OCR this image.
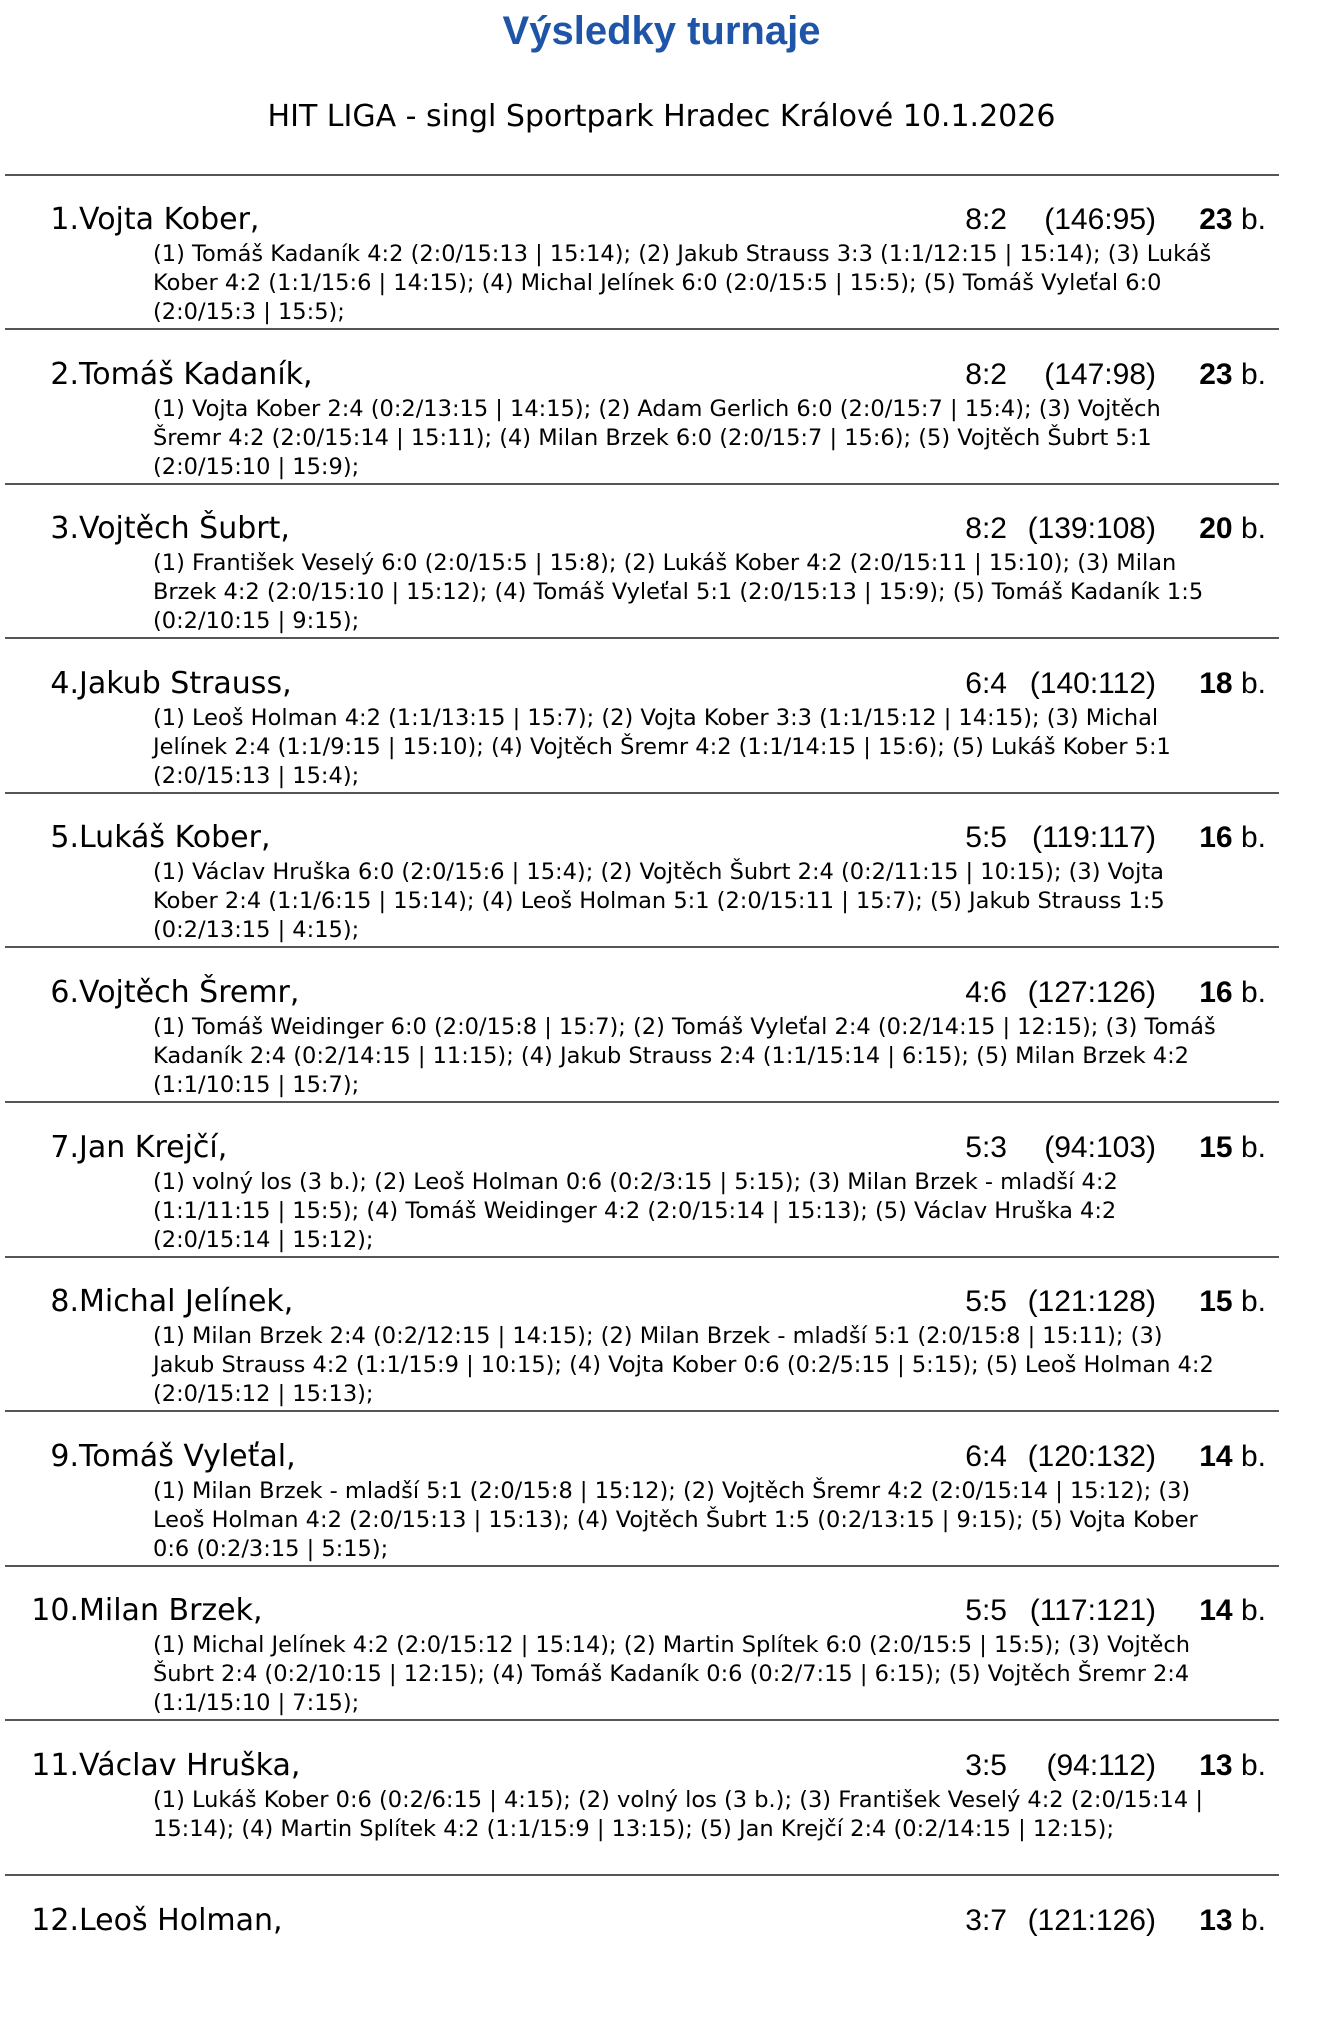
Výsledky turnaje
HIT LIGA - singl Sportpark Hradec Králové 10.1.2026
1. Vojta Kober,	8:2 (146:95) 23 b.
(1) Tomáš Kadaník 4:2 (2:0/15:13 | 15:14); (2) Jakub Strauss 3:3 (1:1/12:15 | 15:14); (3) Lukáš
Kober 4:2 (1:1/15:6 | 14:15); (4) Michal Jelínek 6:0 (2:0/15:5 | 15:5); (5) Tomáš Vyleťal 6:0
(2:0/15:3 | 15:5);
2. Tomáš Kadaník,	8:2 (147:98) 23 b.
(1) Vojta Kober 2:4 (0:2/13:15 | 14:15); (2) Adam Gerlich 6:0 (2:0/15:7 | 15:4); (3) Vojtěch
Šremr 4:2 (2:0/15:14 | 15:11); (4) Milan Brzek 6:0 (2:0/15:7 | 15:6); (5) Vojtěch Šubrt 5:1
(2:0/15:10 | 15:9);
3. Vojtěch Šubrt,	8:2 (139:108) 20 b.
(1) František Veselý 6:0 (2:0/15:5 | 15:8); (2) Lukáš Kober 4:2 (2:0/15:11 | 15:10); (3) Milan
Brzek 4:2 (2:0/15:10 | 15:12); (4) Tomáš Vyleťal 5:1 (2:0/15:13 | 15:9); (5) Tomáš Kadaník 1:5
(0:2/10:15 | 9:15);
4. Jakub Strauss,	6:4 (140:112) 18 b.
(1) Leoš Holman 4:2 (1:1/13:15 | 15:7); (2) Vojta Kober 3:3 (1:1/15:12 | 14:15); (3) Michal
Jelínek 2:4 (1:1/9:15 | 15:10); (4) Vojtěch Šremr 4:2 (1:1/14:15 | 15:6); (5) Lukáš Kober 5:1
(2:0/15:13 | 15:4);
5. Lukáš Kober,	5:5 (119:117) 16 b.
(1) Václav Hruška 6:0 (2:0/15:6 | 15:4); (2) Vojtěch Šubrt 2:4 (0:2/11:15 | 10:15); (3) Vojta
Kober 2:4 (1:1/6:15 | 15:14); (4) Leoš Holman 5:1 (2:0/15:11 | 15:7); (5) Jakub Strauss 1:5
(0:2/13:15 | 4:15);
6. Vojtěch Šremr,	4:6 (127:126) 16 b.
(1) Tomáš Weidinger 6:0 (2:0/15:8 | 15:7); (2) Tomáš Vyleťal 2:4 (0:2/14:15 | 12:15); (3) Tomáš
Kadaník 2:4 (0:2/14:15 | 11:15); (4) Jakub Strauss 2:4 (1:1/15:14 | 6:15); (5) Milan Brzek 4:2
(1:1/10:15 | 15:7);
7. Jan Krejčí,	5:3 (94:103) 15 b.
(1) volný los (3 b.); (2) Leoš Holman 0:6 (0:2/3:15 | 5:15); (3) Milan Brzek - mladší 4:2
(1:1/11:15 | 15:5); (4) Tomáš Weidinger 4:2 (2:0/15:14 | 15:13); (5) Václav Hruška 4:2
(2:0/15:14 | 15:12);
8. Michal Jelínek,	5:5 (121:128) 15 b.
(1) Milan Brzek 2:4 (0:2/12:15 | 14:15); (2) Milan Brzek - mladší 5:1 (2:0/15:8 | 15:11); (3)
Jakub Strauss 4:2 (1:1/15:9 | 10:15); (4) Vojta Kober 0:6 (0:2/5:15 | 5:15); (5) Leoš Holman 4:2
(2:0/15:12 | 15:13);
9. Tomáš Vyleťal,	6:4 (120:132) 14 b.
(1) Milan Brzek - mladší 5:1 (2:0/15:8 | 15:12); (2) Vojtěch Šremr 4:2 (2:0/15:14 | 15:12); (3)
Leoš Holman 4:2 (2:0/15:13 | 15:13); (4) Vojtěch Šubrt 1:5 (0:2/13:15 | 9:15); (5) Vojta Kober
0:6 (0:2/3:15 | 5:15);
10. Milan Brzek,	5:5 (117:121) 14 b.
(1) Michal Jelínek 4:2 (2:0/15:12 | 15:14); (2) Martin Splítek 6:0 (2:0/15:5 | 15:5); (3) Vojtěch
Šubrt 2:4 (0:2/10:15 | 12:15); (4) Tomáš Kadaník 0:6 (0:2/7:15 | 6:15); (5) Vojtěch Šremr 2:4
(1:1/15:10 | 7:15);
11. Václav Hruška,	3:5 (94:112) 13 b.
(1) Lukáš Kober 0:6 (0:2/6:15 | 4:15); (2) volný los (3 b.); (3) František Veselý 4:2 (2:0/15:14 |
15:14); (4) Martin Splítek 4:2 (1:1/15:9 | 13:15); (5) Jan Krejčí 2:4 (0:2/14:15 | 12:15);
12. Leoš Holman,	3:7 (121:126) 13 b.
